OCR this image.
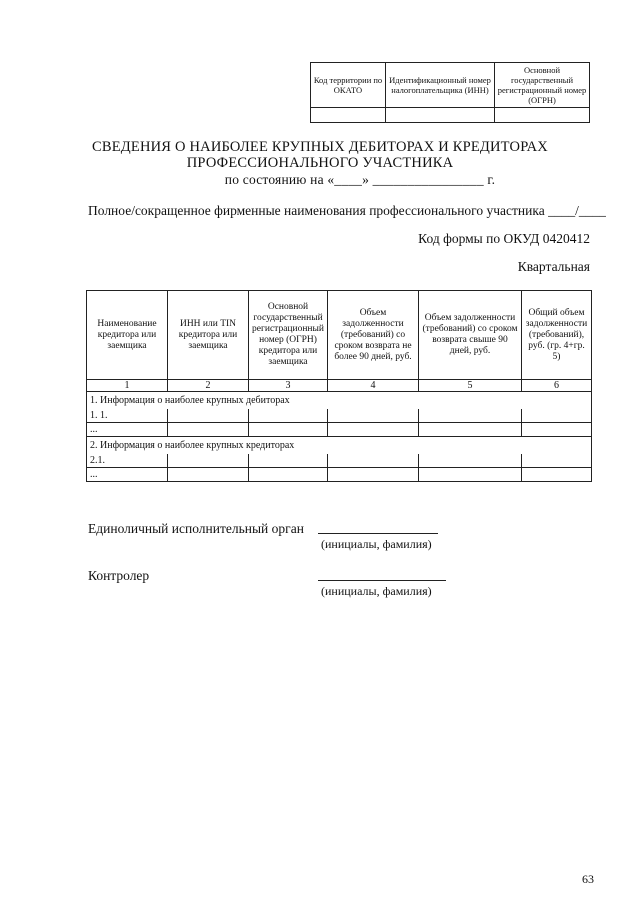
Код территории по ОКАТО	Идентификационный номер налогоплательщика (ИНН)	Основной государственный регистрационный номер (ОГРН)

СВЕДЕНИЯ О НАИБОЛЕЕ КРУПНЫХ ДЕБИТОРАХ И КРЕДИТОРАХ
ПРОФЕССИОНАЛЬНОГО УЧАСТНИКА
по состоянию на «____» ________________ г.
Полное/сокращенное фирменные наименования профессионального участника ____/____
Код формы по ОКУД 0420412
Квартальная
Наименование кредитора или заемщика	ИНН или TIN кредитора или заемщика	Основной государственный регистрационный номер (ОГРН) кредитора или заемщика	Объем задолженности (требований) со сроком возврата не более 90 дней, руб.	Объем задолженности (требований) со сроком возврата свыше 90 дней, руб.	Общий объем задолженности (требований), руб. (гр. 4+гр. 5)
1	2	3	4	5	6
1. Информация о наиболее крупных дебиторах					
1. 1.					
...					
2. Информация о наиболее крупных кредиторах					
2.1.					
...					
Единоличный исполнительный орган
(инициалы, фамилия)
Контролер
(инициалы, фамилия)
63
